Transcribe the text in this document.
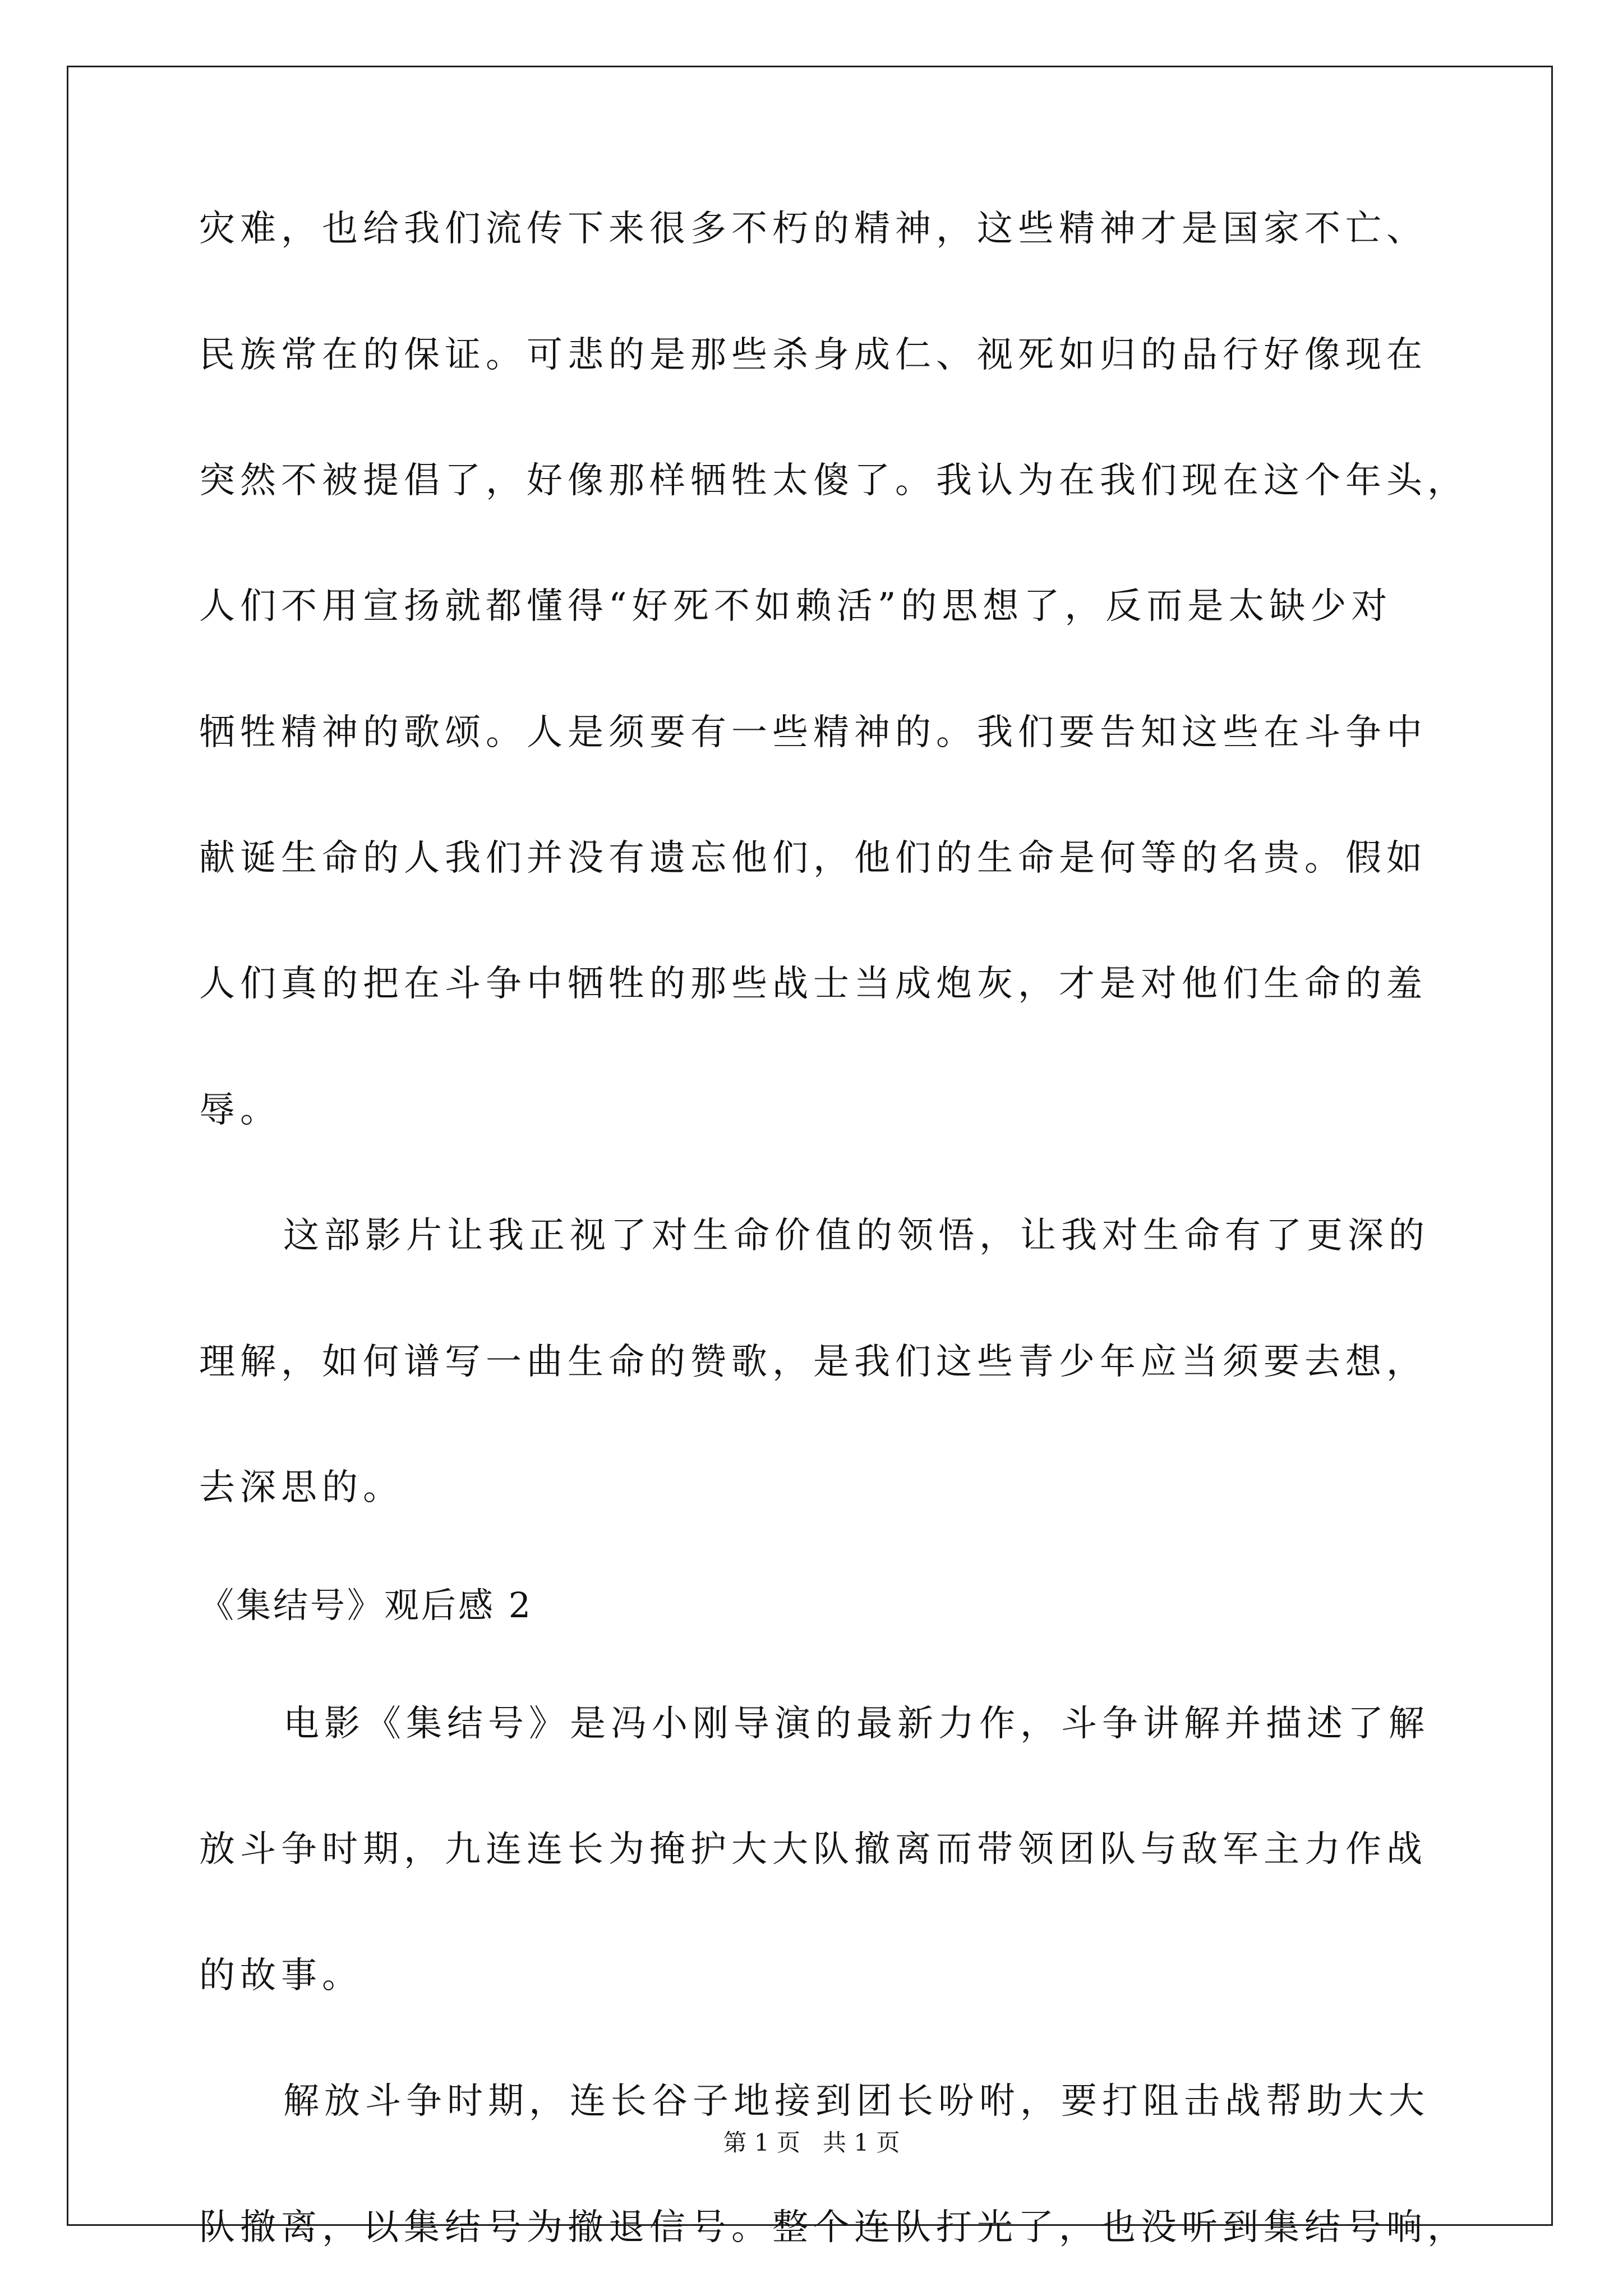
灾难，也给我们流传下来很多不朽的精神，这些精神才是国家不亡、
民族常在的保证。可悲的是那些杀身成仁、视死如归的品行好像现在
突然不被提倡了，好像那样牺牲太傻了。我认为在我们现在这个年头，
人们不用宣扬就都懂得“好死不如赖活”的思想了，反而是太缺少对
牺牲精神的歌颂。人是须要有一些精神的。我们要告知这些在斗争中
献诞生命的人我们并没有遗忘他们，他们的生命是何等的名贵。假如
人们真的把在斗争中牺牲的那些战士当成炮灰，才是对他们生命的羞
辱。
这部影片让我正视了对生命价值的领悟，让我对生命有了更深的
理解，如何谱写一曲生命的赞歌，是我们这些青少年应当须要去想，
去深思的。
《集结号》观后感 2
电影《集结号》是冯小刚导演的最新力作，斗争讲解并描述了解
放斗争时期，九连连长为掩护大大队撤离而带领团队与敌军主力作战
的故事。
解放斗争时期，连长谷子地接到团长吩咐，要打阻击战帮助大大
队撤离，以集结号为撤退信号。整个连队打光了，也没听到集结号响，
第 1 页   共 1 页
